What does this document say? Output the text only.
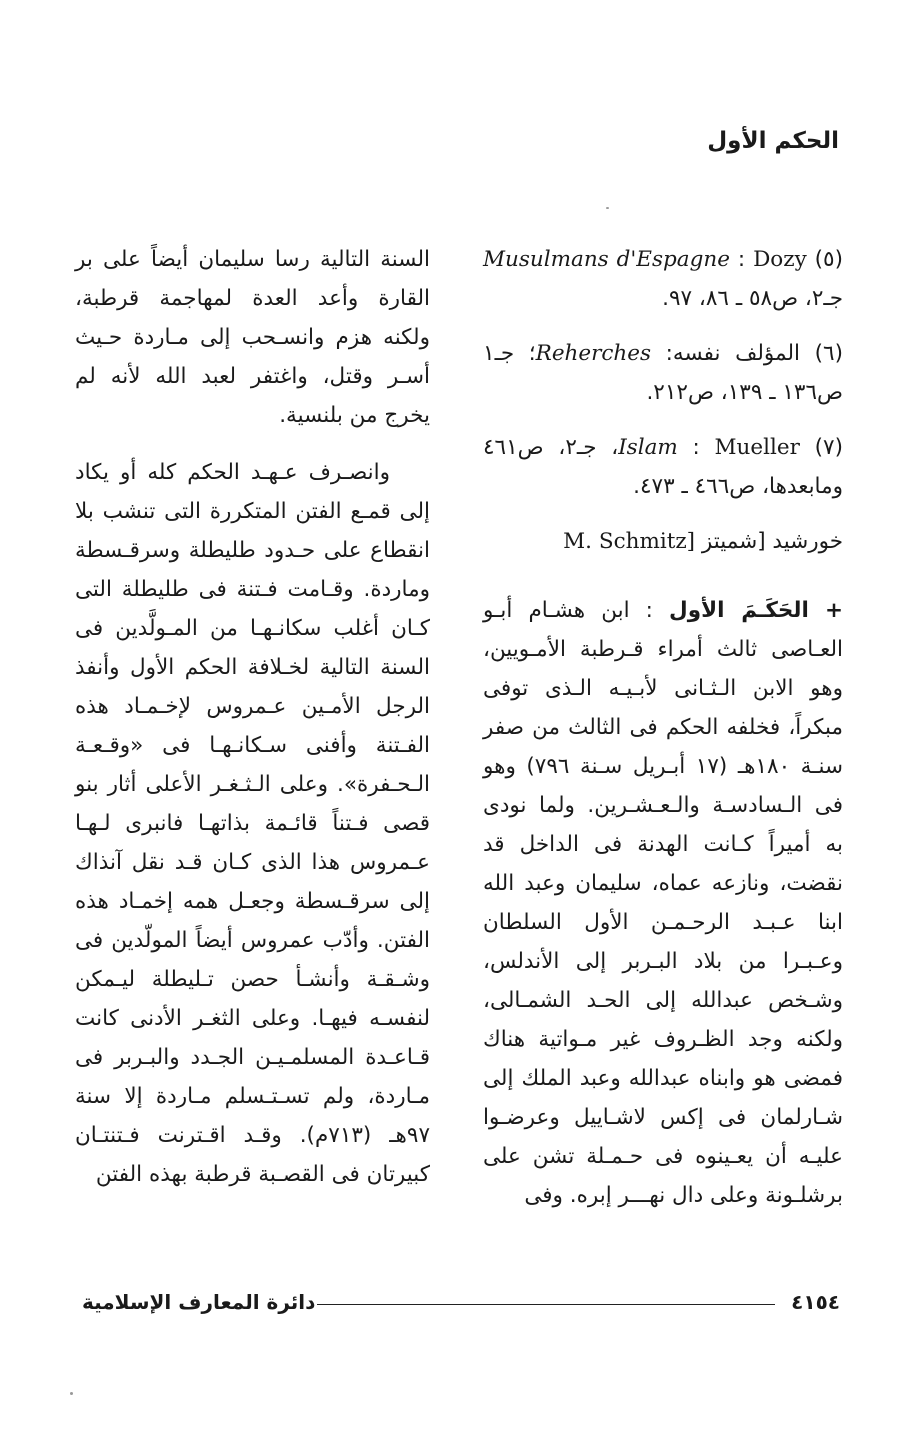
الحكم الأول
(٥) Dozy : Musulmans d'Espagne جـ٢، ص٥٨ ـ ٨٦، ٩٧.
(٦) المؤلف نفسه: Reherches؛ جـ١ ص١٣٦ ـ ١٣٩، ص٢١٢.
(٧) Mueller : Islam، جـ٢، ص٤٦١ ومابعدها، ص٤٦٦ ـ ٤٧٣.
خورشيد [شميتز M. Schmitz]
+ الحَكَـمَ الأول : ابن هشـام أبـو العـاصى ثالث أمراء قـرطبة الأمـويين، وهو الابن الـثـانى لأبـيـه الـذى توفى مبكراً، فخلفه الحكم فى الثالث من صفر سنـة ١٨٠هـ (١٧ أبـريل سـنة ٧٩٦) وهو فى الـسادسـة والـعـشـرين. ولما نودى به أميراً كـانت الهدنة فى الداخل قد نقضت، ونازعه عماه، سليمان وعبد الله ابنا عـبـد الرحـمـن الأول السلطان وعـبـرا من بلاد البـربر إلى الأندلس، وشـخص عبدالله إلى الحـد الشمـالى، ولكنه وجد الظـروف غير مـواتية هناك فمضى هو وابناه عبدالله وعبد الملك إلى شـارلمان فى إكس لاشـاييل وعرضـوا عليـه أن يعـينوه فى حـمـلة تشن على برشلـونة وعلى دال نهـــر إبره. وفى
السنة التالية رسا سليمان أيضاً على بر القارة وأعد العدة لمهاجمة قرطبة، ولكنه هزم وانسـحب إلى مـاردة حـيث أسـر وقتل، واغتفر لعبد الله لأنه لم يخرج من بلنسية.
وانصـرف عـهـد الحكم كله أو يكاد إلى قمـع الفتن المتكررة التى تنشب بلا انقطاع على حـدود طليطلة وسرقـسطة وماردة. وقـامت فـتنة فى طليطلة التى كـان أغلب سكانـهـا من المـولَّدين فى السنة التالية لخـلافة الحكم الأول وأنفذ الرجل الأمـين عـمروس لإخـمـاد هذه الفـتنة وأفنى سـكانـهـا فى «وقـعـة الـحـفرة». وعلى الـثـغـر الأعلى أثار بنو قصى فـتناً قائـمة بذاتهـا فانبرى لـهـا عـمروس هذا الذى كـان قـد نقل آنذاك إلى سرقـسطة وجعـل همه إخمـاد هذه الفتن. وأدّب عمروس أيضاً المولّدين فى وشـقـة وأنشـأ حصن تـليطلة ليـمكن لنفسـه فيهـا. وعلى الثغـر الأدنى كانت قـاعـدة المسلمـيـن الجـدد والبـربر فى مـاردة، ولم تسـتـسلم مـاردة إلا سنة ٩٧هـ (٧١٣م). وقـد اقـترنت فـتنتـان كبيرتان فى القصـبة قرطبة بهذه الفتن
٤١٥٤
دائرة المعارف الإسلامية
